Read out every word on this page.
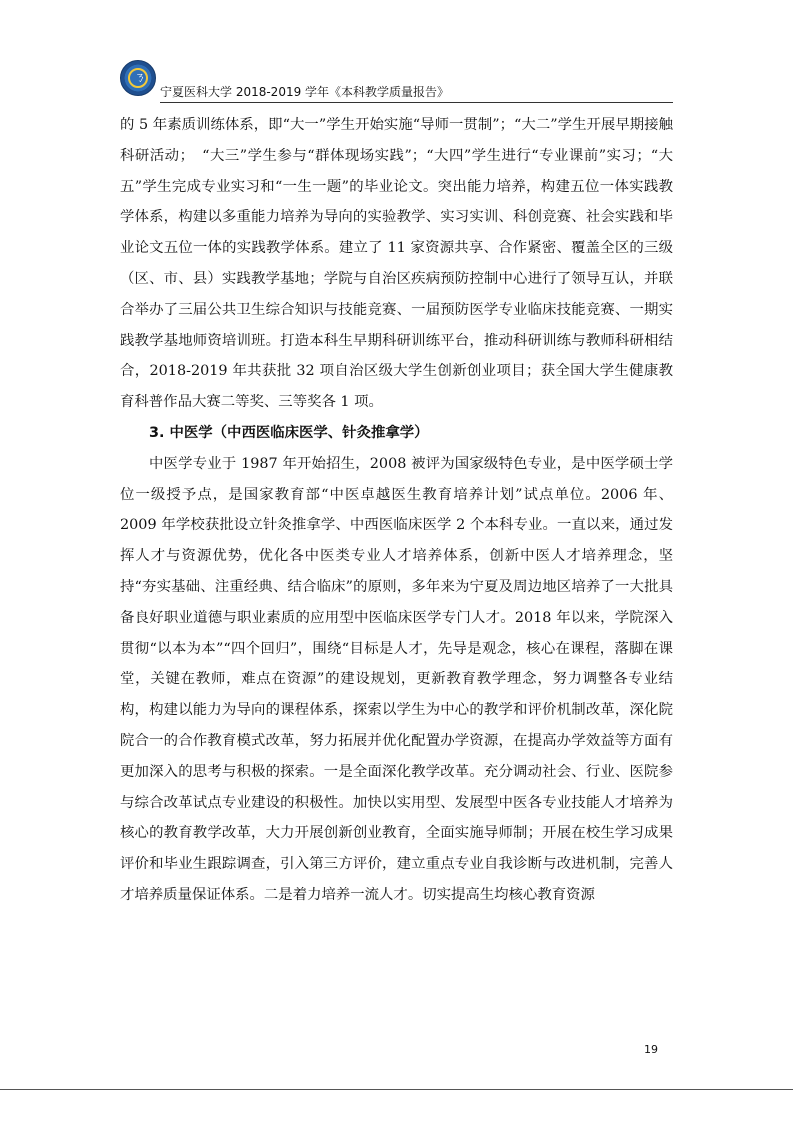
ㄋ
宁夏医科大学 2018-2019 学年《本科教学质量报告》

的 5 年素质训练体系，即“大一”学生开始实施“导师一贯制”；“大二”学生开展早期接触科研活动；　“大三”学生参与“群体现场实践”；“大四”学生进行“专业课前”实习；“大五”学生完成专业实习和“一生一题”的毕业论文。突出能力培养，构建五位一体实践教学体系，构建以多重能力培养为导向的实验教学、实习实训、科创竞赛、社会实践和毕业论文五位一体的实践教学体系。建立了 11 家资源共享、合作紧密、覆盖全区的三级（区、市、县）实践教学基地；学院与自治区疾病预防控制中心进行了领导互认，并联合举办了三届公共卫生综合知识与技能竞赛、一届预防医学专业临床技能竞赛、一期实践教学基地师资培训班。打造本科生早期科研训练平台，推动科研训练与教师科研相结合，2018-2019 年共获批 32 项自治区级大学生创新创业项目；获全国大学生健康教育科普作品大赛二等奖、三等奖各 1 项。

3. 中医学（中西医临床医学、针灸推拿学）

中医学专业于 1987 年开始招生，2008 被评为国家级特色专业，是中医学硕士学位一级授予点，是国家教育部“中医卓越医生教育培养计划”试点单位。2006 年、2009 年学校获批设立针灸推拿学、中西医临床医学 2 个本科专业。一直以来，通过发挥人才与资源优势，优化各中医类专业人才培养体系，创新中医人才培养理念，坚持“夯实基础、注重经典、结合临床”的原则，多年来为宁夏及周边地区培养了一大批具备良好职业道德与职业素质的应用型中医临床医学专门人才。2018 年以来，学院深入贯彻“以本为本”“四个回归”，围绕“目标是人才，先导是观念，核心在课程，落脚在课堂，关键在教师，难点在资源”的建设规划，更新教育教学理念，努力调整各专业结构，构建以能力为导向的课程体系，探索以学生为中心的教学和评价机制改革，深化院院合一的合作教育模式改革，努力拓展并优化配置办学资源，在提高办学效益等方面有更加深入的思考与积极的探索。一是全面深化教学改革。充分调动社会、行业、医院参与综合改革试点专业建设的积极性。加快以实用型、发展型中医各专业技能人才培养为核心的教育教学改革，大力开展创新创业教育，全面实施导师制；开展在校生学习成果评价和毕业生跟踪调查，引入第三方评价，建立重点专业自我诊断与改进机制，完善人才培养质量保证体系。二是着力培养一流人才。切实提高生均核心教育资源

19
